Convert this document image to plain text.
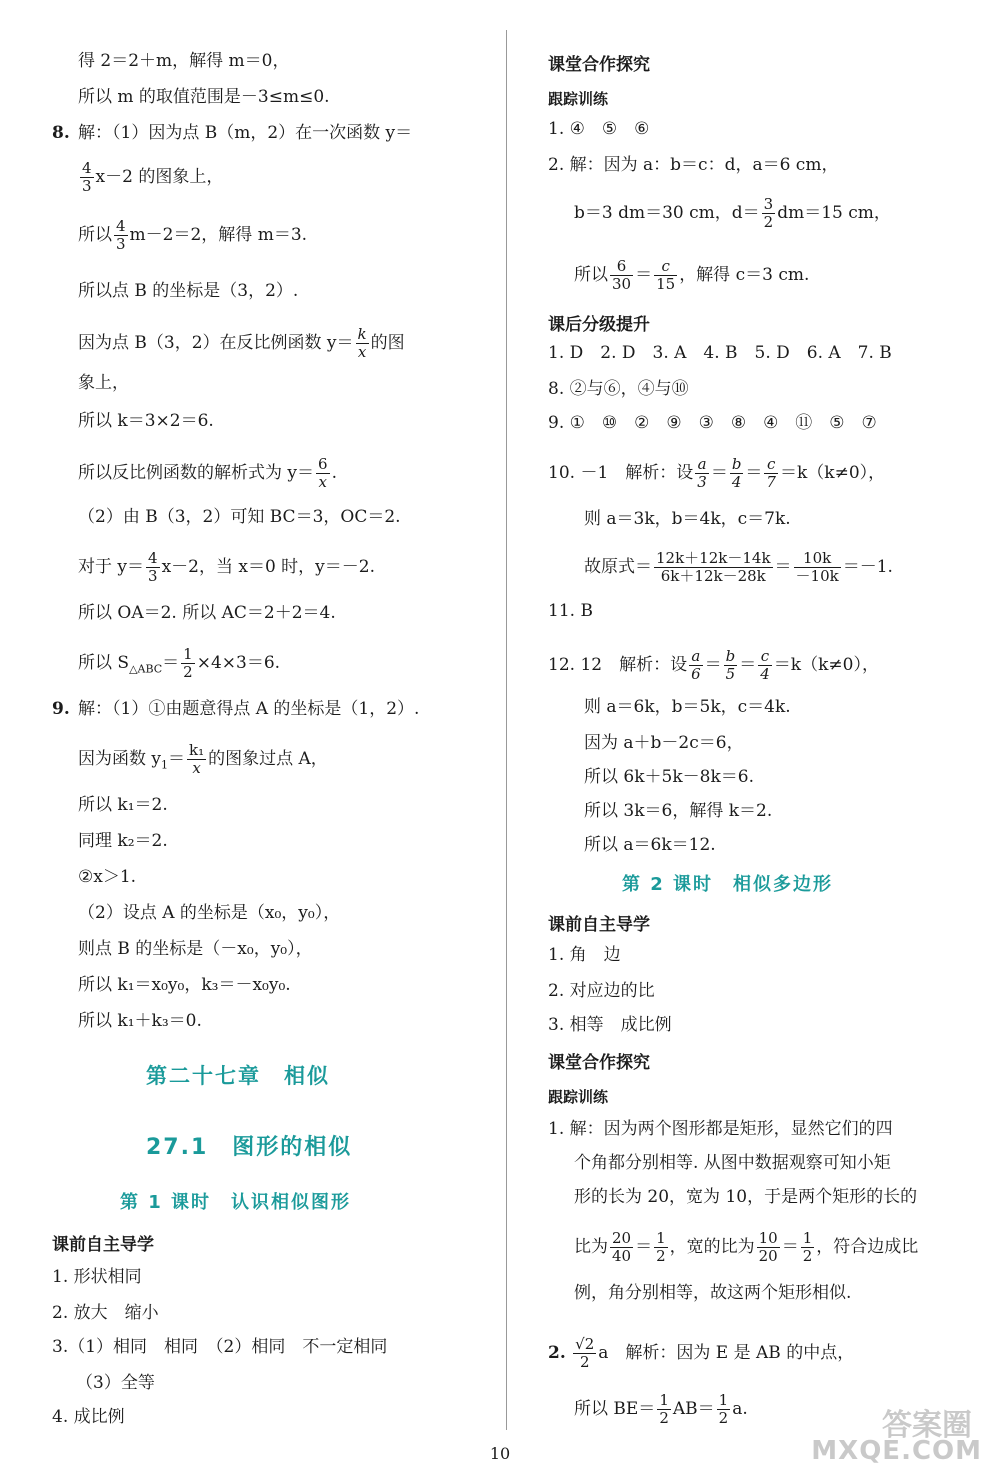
得 2＝2＋m，解得 m＝0，
所以 m 的取值范围是－3≤m≤0.
8. 解：（1）因为点 B（m，2）在一次函数 y＝
$\frac{4}{3} x-2$ 的图象上，
所以 $\frac{4}{3} m-2=2$，解得 m＝3.
所以点 B 的坐标是（3，2）.
因为点 B（3，2）在反比例函数 $y= \frac{k}{x}$ 的图
象上，
所以 k＝3×2＝6.
所以反比例函数的解析式为 $y= \frac{6}{x}$ .
（2）由 B（3，2）可知 BC＝3，OC＝2.
对于 $y= \frac{4}{3} x-2$，当 x＝0 时，y＝－2.
所以 OA＝2. 所以 AC＝2＋2＝4.
所以 $S_{\triangle ABC}= \frac{1}{2} \times 4\times 3=6$.
9. 解：（1）①由题意得点 A 的坐标是（1，2）.
因为函数 $y_1= \frac{\text{k₁}}{x}$ 的图象过点 A，
所以 k₁＝2.
同理 k₂＝2.
②x＞1.
（2）设点 A 的坐标是（x₀，y₀），
则点 B 的坐标是（－x₀，y₀），
所以 k₁＝x₀y₀，k₃＝－x₀y₀.
所以 k₁＋k₃＝0.
第二十七章　相似
27.1　图形的相似
第 1 课时　认识相似图形
课前自主导学
1. 形状相同
2. 放大　缩小
3.（1）相同　相同　（2）相同　不一定相同
（3）全等
4. 成比例
课堂合作探究
跟踪训练
1. ④　⑤　⑥
2. 解：因为 a：b＝c：d，a＝6 cm，
b＝3 dm＝30 cm，$d= \frac{3}{2} dm=15$ cm，
所以 $\frac{6}{30} = \frac{c}{15}$ ，解得 c＝3 cm.
课后分级提升
1. D　2. D　3. A　4. B　5. D　6. A　7. B
8. ②与⑥，④与⑩
9. ①　⑩　②　⑨　③　⑧　④　⑪　⑤　⑦
10. －1　解析：设 $\frac{a}{3} = \frac{b}{4} = \frac{c}{7} =k(k\ne 0)$，
则 a＝3k，b＝4k，c＝7k.
故原式＝ $\frac{12k+12k-14k}{6k+12k-28k} = \frac{10k}{-10k} =-1$.
11. B
12. 12　解析：设 $\frac{a}{6} = \frac{b}{5} = \frac{c}{4} =k(k\ne 0)$，
则 a＝6k，b＝5k，c＝4k.
因为 a＋b－2c＝6，
所以 6k＋5k－8k＝6.
所以 3k＝6，解得 k＝2.
所以 a＝6k＝12.
第 2 课时　相似多边形
课前自主导学
1. 角　边
2. 对应边的比
3. 相等　成比例
课堂合作探究
跟踪训练
1. 解：因为两个图形都是矩形，显然它们的四
个角都分别相等. 从图中数据观察可知小矩
形的长为 20，宽为 10，于是两个矩形的长的
比为 $\frac{20}{40} = \frac{1}{2}$ ，宽的比为 $\frac{10}{20} = \frac{1}{2}$ ，符合边成比
例，角分别相等，故这两个矩形相似.
2. $\frac{√2}{2}$ a　解析：因为 E 是 AB 的中点，
所以 $BE= \frac{1}{2} AB= \frac{1}{2} a$.
10
答案圈
MXQE.COM
